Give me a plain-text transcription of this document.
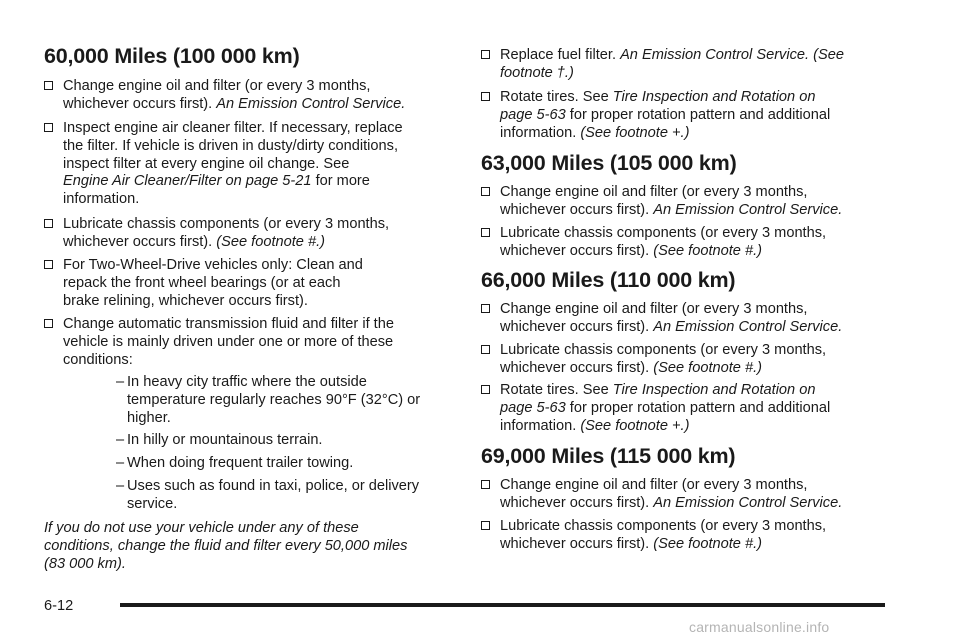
60,000 Miles (100 000 km)
Change engine oil and filter (or every 3 months,
whichever occurs first). An Emission Control Service.
Inspect engine air cleaner filter. If necessary, replace
the filter. If vehicle is driven in dusty/dirty conditions,
inspect filter at every engine oil change. See
Engine Air Cleaner/Filter on page 5-21 for more
information.
Lubricate chassis components (or every 3 months,
whichever occurs first). (See footnote #.)
For Two-Wheel-Drive vehicles only: Clean and
repack the front wheel bearings (or at each
brake relining, whichever occurs first).
Change automatic transmission fluid and filter if the
vehicle is mainly driven under one or more of these
conditions:
– In heavy city traffic where the outside
temperature regularly reaches 90°F (32°C) or
higher.
– In hilly or mountainous terrain.
– When doing frequent trailer towing.
– Uses such as found in taxi, police, or delivery
service.
If you do not use your vehicle under any of these
conditions, change the fluid and filter every 50,000 miles
(83 000 km).
Replace fuel filter. An Emission Control Service. (See
footnote †.)
Rotate tires. See Tire Inspection and Rotation on
page 5-63 for proper rotation pattern and additional
information. (See footnote +.)
63,000 Miles (105 000 km)
Change engine oil and filter (or every 3 months,
whichever occurs first). An Emission Control Service.
Lubricate chassis components (or every 3 months,
whichever occurs first). (See footnote #.)
66,000 Miles (110 000 km)
Change engine oil and filter (or every 3 months,
whichever occurs first). An Emission Control Service.
Lubricate chassis components (or every 3 months,
whichever occurs first). (See footnote #.)
Rotate tires. See Tire Inspection and Rotation on
page 5-63 for proper rotation pattern and additional
information. (See footnote +.)
69,000 Miles (115 000 km)
Change engine oil and filter (or every 3 months,
whichever occurs first). An Emission Control Service.
Lubricate chassis components (or every 3 months,
whichever occurs first). (See footnote #.)
6-12
carmanualsonline.info
